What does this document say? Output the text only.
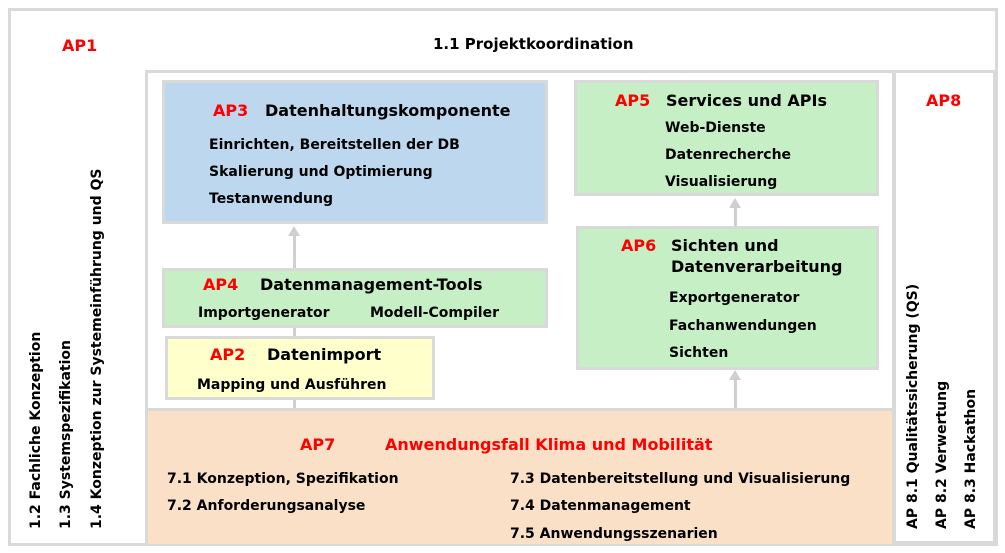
AP1	1.1 Projektkoordination
1.2 Fachliche Konzeption 1.3 Systemspezifikation 1.4 Konzeption zur Systemeinführung und QS
AP3 Datenhaltungskomponente
Einrichten, Bereitstellen der DB
Skalierung und Optimierung
Testanwendung
AP4 Datenmanagement-Tools
Importgenerator	Modell-Compiler
AP2 Datenimport
Mapping und Ausführen
AP5 Services und APIs
Web-Dienste
Datenrecherche
Visualisierung
AP6 Sichten und
Datenverarbeitung
Exportgenerator
Fachanwendungen
Sichten
AP7	Anwendungsfall Klima und Mobilität
7.1 Konzeption, Spezifikation
7.2 Anforderungsanalyse
7.3 Datenbereitstellung und Visualisierung
7.4 Datenmanagement
7.5 Anwendungsszenarien
AP8
AP 8.1 Qualitätssicherung (QS) AP 8.2 Verwertung AP 8.3 Hackathon
